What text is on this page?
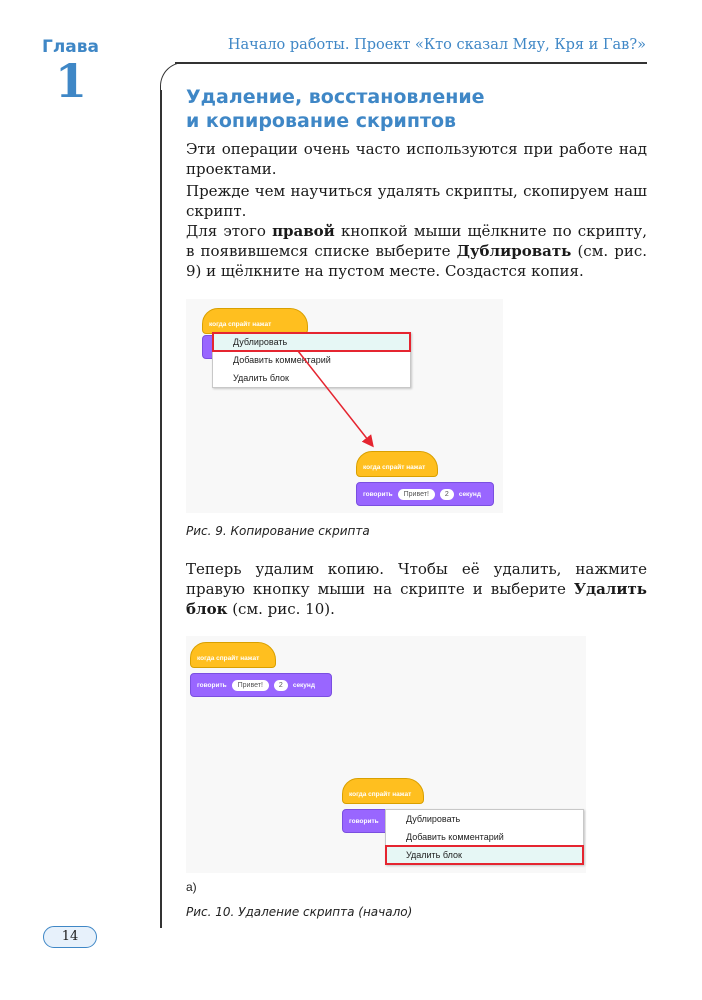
Глава
1
Начало работы. Проект «Кто сказал Мяу, Кря и Гав?»
Удаление, восстановление
и копирование скриптов

Эти операции очень часто используются при работе над проектами.

Прежде чем научиться удалять скрипты, скопируем наш скрипт.

Для этого правой кнопкой мыши щёлкните по скрипту, в появившемся списке выберите Дублировать (см. рис. 9) и щёлкните на пустом месте. Создастся копия.

когда спрайт нажат
Дублировать
Добавить комментарий
Удалить блок
когда спрайт нажат
говорить	Привет!	2	секунд
Рис. 9. Копирование скрипта

Теперь удалим копию. Чтобы её удалить, нажмите правую кнопку мыши на скрипте и выберите Удалить блок (см. рис. 10).

когда спрайт нажат
говорить	Привет!	2	секунд
когда спрайт нажат
говорить	Дублировать
Добавить комментарий
Удалить блок
а)
Рис. 10. Удаление скрипта (начало)
14
